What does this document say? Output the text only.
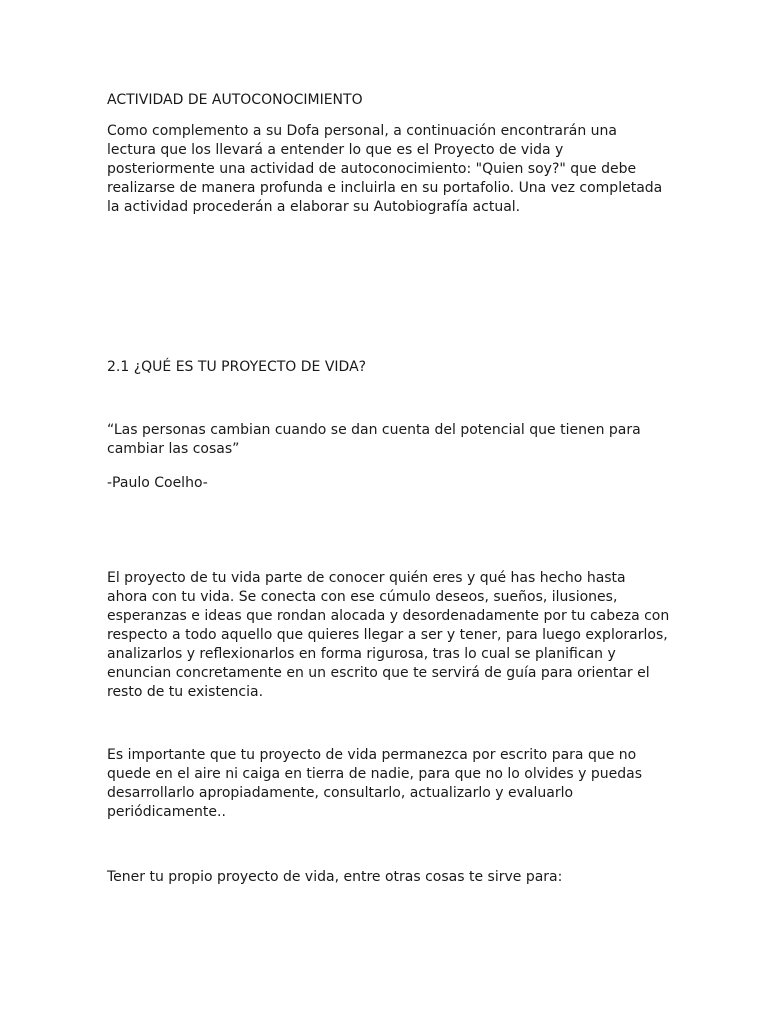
ACTIVIDAD DE AUTOCONOCIMIENTO
Como complemento a su Dofa personal, a continuación encontrarán una
lectura que los llevará a entender lo que es el Proyecto de vida y
posteriormente una actividad de autoconocimiento: "Quien soy?" que debe
realizarse de manera profunda e incluirla en su portafolio. Una vez completada
la actividad procederán a elaborar su Autobiografía actual.
2.1 ¿QUÉ ES TU PROYECTO DE VIDA?
“Las personas cambian cuando se dan cuenta del potencial que tienen para
cambiar las cosas”
-Paulo Coelho-
El proyecto de tu vida parte de conocer quién eres y qué has hecho hasta
ahora con tu vida. Se conecta con ese cúmulo deseos, sueños, ilusiones,
esperanzas e ideas que rondan alocada y desordenadamente por tu cabeza con
respecto a todo aquello que quieres llegar a ser y tener, para luego explorarlos,
analizarlos y reflexionarlos en forma rigurosa, tras lo cual se planifican y
enuncian concretamente en un escrito que te servirá de guía para orientar el
resto de tu existencia.
Es importante que tu proyecto de vida permanezca por escrito para que no
quede en el aire ni caiga en tierra de nadie, para que no lo olvides y puedas
desarrollarlo apropiadamente, consultarlo, actualizarlo y evaluarlo
periódicamente..
Tener tu propio proyecto de vida, entre otras cosas te sirve para:
